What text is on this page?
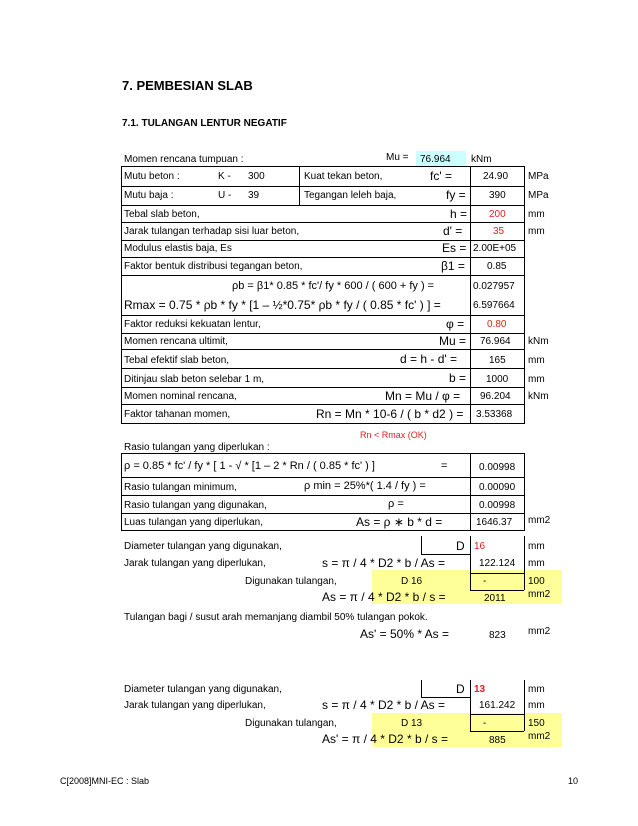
7. PEMBESIAN SLAB
7.1. TULANGAN LENTUR NEGATIF
Momen rencana tumpuan :	Mu = 76.964 kNm
Mutu beton :	K - 300	Kuat tekan beton,	fc' =	24.90 MPa
Mutu baja :	U - 39	Tegangan leleh baja,	fy = 390 MPa
Tebal slab beton,	h = 200 mm
Jarak tulangan terhadap sisi luar beton,	d' =	35 mm
Modulus elastis baja, Es	Es = 2.00E+05
Faktor bentuk distribusi tegangan beton,	β1 = 0.85
ρb = β1* 0.85 * fc'/ fy * 600 / ( 600 + fy ) =	0.027957
Rmax = 0.75 * ρb * fy * [1 – ½*0.75* ρb * fy / ( 0.85 * fc' ) ] =	6.597664
Faktor reduksi kekuatan lentur,	φ = 0.80
Momen rencana ultimit,	Mu = 76.964 kNm
Tebal efektif slab beton,	d = h - d' =	165 mm
Ditinjau slab beton selebar 1 m,	b = 1000 mm
Momen nominal rencana,	Mn = Mu / φ = 96.204 kNm
Faktor tahanan momen,	Rn = Mn * 10-6 / ( b * d2 ) = 3.53368
Rn < Rmax (OK)
Rasio tulangan yang diperlukan :
ρ = 0.85 * fc' / fy * [ 1 - √ * [1 – 2 * Rn / ( 0.85 * fc' ) ]	=	0.00998
Rasio tulangan minimum,	ρ min = 25%*( 1.4 / fy ) =	0.00090
Rasio tulangan yang digunakan,	ρ =	0.00998
Luas tulangan yang diperlukan,	As = ρ ∗ b * d =	1646.37 mm2
Diameter tulangan yang digunakan,	D 16	mm
Jarak tulangan yang diperlukan,	s = π / 4 * D2 * b / As =	122.124 mm
Digunakan tulangan,	D 16	-	100
As = π / 4 * D2 * b / s =	2011 mm2
Tulangan bagi / susut arah memanjang diambil 50% tulangan pokok.
As' = 50% * As =	823 mm2
Diameter tulangan yang digunakan,	D 13	mm
Jarak tulangan yang diperlukan,	s = π / 4 * D2 * b / As =	161.242 mm
Digunakan tulangan,	D 13	-	150
As' = π / 4 * D2 * b / s =	885 mm2
C[2008]MNI-EC : Slab	10
